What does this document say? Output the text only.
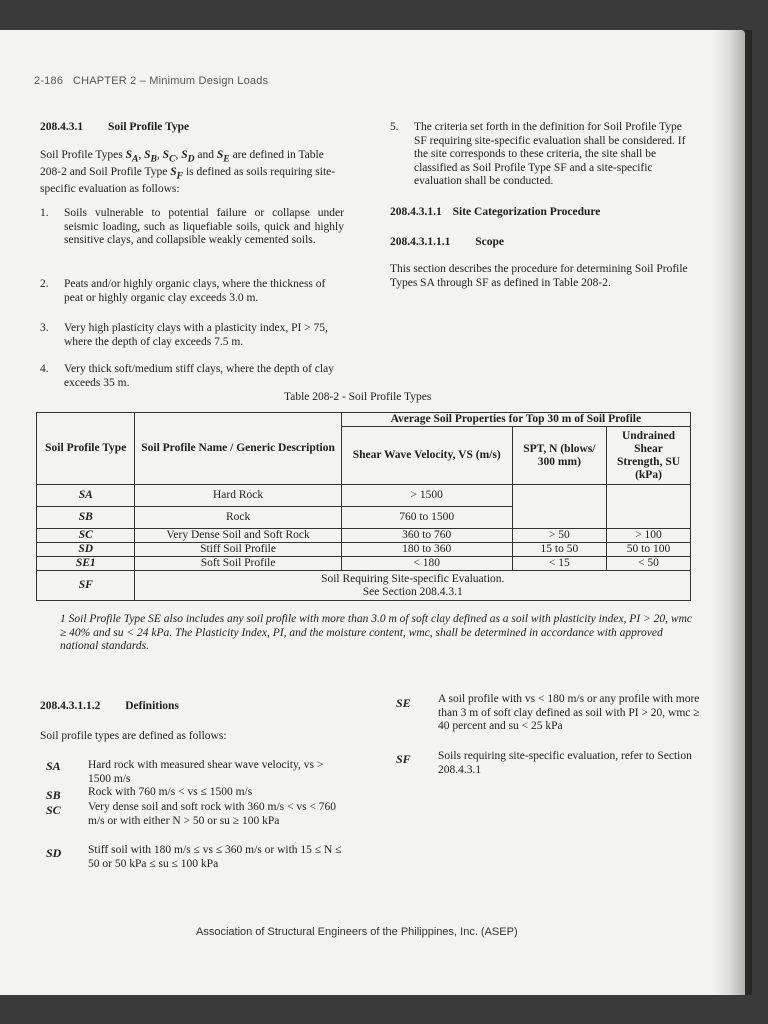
2-186 CHAPTER 2 – Minimum Design Loads
208.4.3.1 Soil Profile Type
Soil Profile Types $S_A$, $S_B$, $S_C$, $S_D$ and $S_E$ are defined in Table 208-2 and Soil Profile Type $S_F$ is defined as soils requiring site-specific evaluation as follows:
1. Soils vulnerable to potential failure or collapse under seismic loading, such as liquefiable soils, quick and highly sensitive clays, and collapsible weakly cemented soils.
2. Peats and/or highly organic clays, where the thickness of peat or highly organic clay exceeds 3.0 m.
3. Very high plasticity clays with a plasticity index, PI > 75, where the depth of clay exceeds 7.5 m.
4. Very thick soft/medium stiff clays, where the depth of clay exceeds 35 m.
5. The criteria set forth in the definition for Soil Profile Type SF requiring site-specific evaluation shall be considered. If the site corresponds to these criteria, the site shall be classified as Soil Profile Type SF and a site-specific evaluation shall be conducted.
208.4.3.1.1 Site Categorization Procedure
208.4.3.1.1.1 Scope
This section describes the procedure for determining Soil Profile Types SA through SF as defined in Table 208-2.
Table 208-2 - Soil Profile Types
Soil Profile Type	Soil Profile Name / Generic Description	Average Soil Properties for Top 30 m of Soil Profile		
		Shear Wave Velocity, VS (m/s)	SPT, N (blows/ 300 mm)	Undrained Shear Strength, SU (kPa)
SA	Hard Rock	> 1500		
SB	Rock	760 to 1500		
SC	Very Dense Soil and Soft Rock	360 to 760	> 50	> 100
SD	Stiff Soil Profile	180 to 360	15 to 50	50 to 100
SE1	Soft Soil Profile	< 180	< 15	< 50
SF	Soil Requiring Site-specific Evaluation.
See Section 208.4.3.1			
1 Soil Profile Type SE also includes any soil profile with more than 3.0 m of soft clay defined as a soil with plasticity index, PI > 20, wmc ≥ 40% and su < 24 kPa. The Plasticity Index, PI, and the moisture content, wmc, shall be determined in accordance with approved national standards.
208.4.3.1.1.2 Definitions
Soil profile types are defined as follows:
SA Hard rock with measured shear wave velocity, vs > 1500 m/s
SB Rock with 760 m/s < vs ≤ 1500 m/s
SC Very dense soil and soft rock with 360 m/s < vs < 760 m/s or with either N > 50 or su ≥ 100 kPa
SD Stiff soil with 180 m/s ≤ vs ≤ 360 m/s or with 15 ≤ N ≤ 50 or 50 kPa ≤ su ≤ 100 kPa
SE A soil profile with vs < 180 m/s or any profile with more than 3 m of soft clay defined as soil with PI > 20, wmc ≥ 40 percent and su < 25 kPa
SF Soils requiring site-specific evaluation, refer to Section 208.4.3.1
Association of Structural Engineers of the Philippines, Inc. (ASEP)
